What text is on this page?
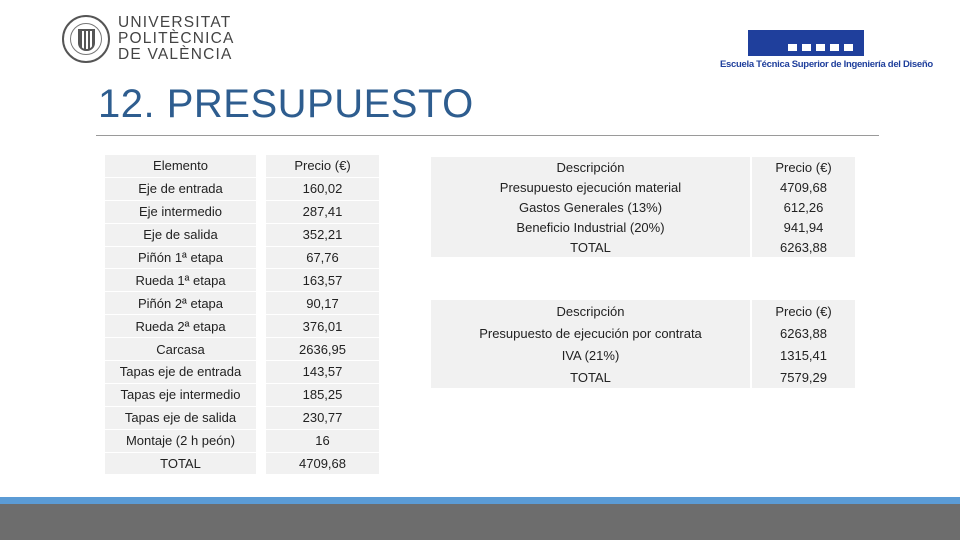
UNIVERSITAT
POLITÈCNICA
DE VALÈNCIA
Escuela Técnica Superior de Ingeniería del Diseño
12. PRESUPUESTO
Elemento
Eje de entrada
Eje intermedio
Eje de salida
Piñón 1ª etapa
Rueda 1ª etapa
Piñón 2ª etapa
Rueda 2ª etapa
Carcasa
Tapas eje de entrada
Tapas eje intermedio
Tapas eje de salida
Montaje (2 h peón)
TOTAL
Precio (€)
160,02
287,41
352,21
67,76
163,57
90,17
376,01
2636,95
143,57
185,25
230,77
16
4709,68
Descripción
Presupuesto ejecución material
Gastos Generales (13%)
Beneficio Industrial (20%)
TOTAL
Precio (€)
4709,68
612,26
941,94
6263,88
Descripción
Presupuesto de ejecución por contrata
IVA (21%)
TOTAL
Precio (€)
6263,88
1315,41
7579,29
